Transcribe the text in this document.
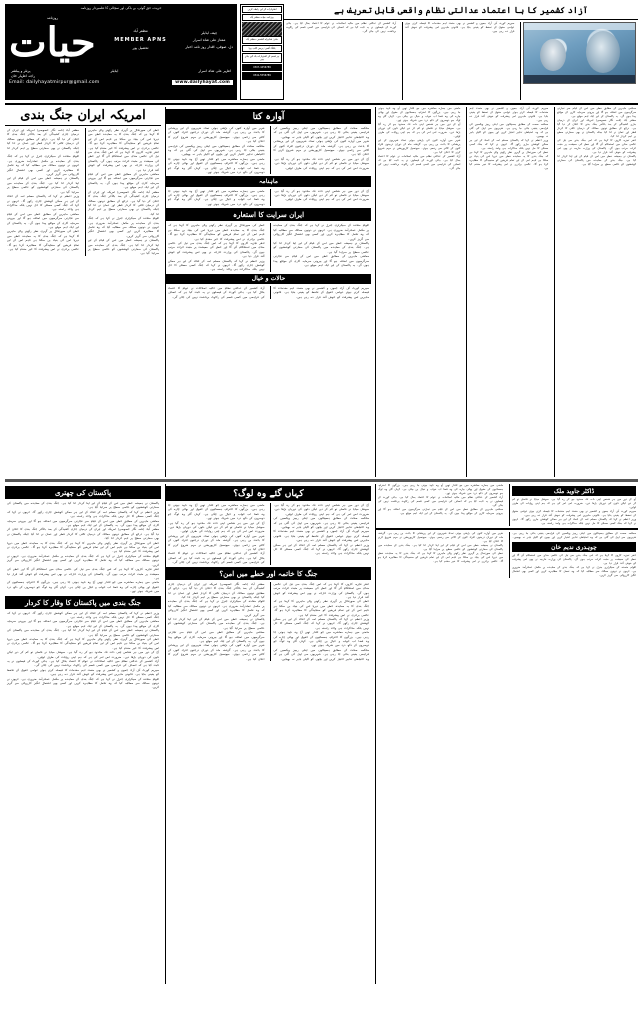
حریت، حق گوئی، بے باکی اور سچائی کا علمبردار روزنامہ
روزنامہ
حیات	مظفر آباد
MEMBER APNS
تحصیل پور
چیف ایڈیٹر
ممتاز علی شاہ اسرار
دل، صوفی، اقدار روز نامہ اخبار
پرنٹر و پبلشر	ایڈیٹر	اظہر علی شاہ اسرار
راجہ اظہار خان
Email: dailyhayatmirpur@gmail.com	www.dailyhayat.com
اشتہارات کے لیے رابطہ کریں
روزنامہ حیات مظفر آباد
دفتر: شاہراہ کشمیر، مظفر آباد
بکنگ آفس: پریس کلب روڈ
ہر قسم کے اشتہارات بک کیے جاتے ہیں
0307-4456789
0341-5556789
آزاد کشمیر کا با اعتماد عدالتی نظام واقعی قابل تعریف ہے
آزاد کشمیر کے عدالتی نظام میں حالیہ اصلاحات نے عوام کا اعتماد بحال کیا ہے۔ ہائی کورٹ کے فیصلوں نے یہ ثابت کیا ہے کہ انصاف کی فراہمی میں کسی قسم کی رکاوٹ برداشت نہیں کی جائے گی۔
سپریم کورٹ آف آزاد جموں و کشمیر نے بھی متعدد اہم مقدمات کا فیصلہ کرتے ہوئے عوامی حقوق کے تحفظ کو یقینی بنایا ہے۔ قانونی ماہرین اس پیشرفت کو خوش آئند قرار دے رہے ہیں۔
امریکہ ایران جنگ بندی
مظفر آباد (نامہ نگار خصوصی) امریکہ اور ایران کے درمیان جاری کشیدگی کے بعد بالآخر جنگ بندی کا اعلان کر دیا گیا ہے۔ ذرائع کے مطابق دونوں ممالک کے درمیان ثالثی کا کردار قطر اور عمان نے ادا کیا جبکہ پاکستان نے بھی سفارتی سطح پر اہم کردار ادا کیا۔
اقوام متحدہ کے سیکرٹری جنرل نے کہا ہے کہ جنگ بندی کے معاہدے پر مکمل عملدرآمد ضروری ہے۔ انہوں نے دونوں ممالک سے مطالبہ کیا کہ وہ تحمل کا مظاہرہ کریں اور کسی بھی اشتعال انگیز کارروائی سے گریز کریں۔
پاکستان نے ہمیشہ خطے میں امن کے قیام کے لیے اپنا کردار ادا کیا ہے۔ جنگ بندی کے معاہدے میں پاکستان کی سفارتی کوششوں کو عالمی سطح پر سراہا گیا ہے۔
وزیر اعظم نے کہا کہ پاکستان مسلم امہ کے اتحاد کے لیے ہر ممکن کوشش جاری رکھے گا۔ انہوں نے کہا کہ جنگ کسی مسئلے کا حل نہیں بلکہ مذاکرات ہی واحد راستہ ہے۔
معاشی ماہرین کے مطابق خطے میں امن کے قیام سے تجارتی سرگرمیوں میں اضافہ ہو گا اور بیرونی سرمایہ کاری کے مواقع پیدا ہوں گے۔ یہ پاکستان کے لیے ایک اہم موقع ہے۔
خطے کی صورتحال پر گہری نظر رکھنے والے ماہرین کا کہنا ہے کہ جنگ بندی کا یہ معاہدہ خطے میں دیرپا امن کی بنیاد بن سکتا ہے تاہم اس کے لیے تمام فریقین کو سنجیدگی کا مظاہرہ کرنا ہو گا۔ عالمی برادری نے اس پیشرفت کا خیر مقدم کیا ہے۔
خطے کی صورتحال پر گہری نظر رکھنے والے ماہرین کا کہنا ہے کہ جنگ بندی کا یہ معاہدہ خطے میں دیرپا امن کی بنیاد بن سکتا ہے تاہم اس کے لیے تمام فریقین کو سنجیدگی کا مظاہرہ کرنا ہو گا۔ عالمی برادری نے اس پیشرفت کا خیر مقدم کیا ہے۔
ادھر تجزیہ کاروں کا کہنا ہے کہ اس جنگ بندی سے تیل کی عالمی منڈی میں استحکام آئے گا اور خطے کی معیشت پر مثبت اثرات مرتب ہوں گے۔ پاکستان کی وزارت خارجہ نے بھی اس پیشرفت کو خوش آئند قرار دیا ہے۔
معاشی ماہرین کے مطابق خطے میں امن کے قیام سے تجارتی سرگرمیوں میں اضافہ ہو گا اور بیرونی سرمایہ کاری کے مواقع پیدا ہوں گے۔ یہ پاکستان کے لیے ایک اہم موقع ہے۔
مظفر آباد (نامہ نگار خصوصی) امریکہ اور ایران کے درمیان جاری کشیدگی کے بعد بالآخر جنگ بندی کا اعلان کر دیا گیا ہے۔ ذرائع کے مطابق دونوں ممالک کے درمیان ثالثی کا کردار قطر اور عمان نے ادا کیا جبکہ پاکستان نے بھی سفارتی سطح پر اہم کردار ادا کیا۔
اقوام متحدہ کے سیکرٹری جنرل نے کہا ہے کہ جنگ بندی کے معاہدے پر مکمل عملدرآمد ضروری ہے۔ انہوں نے دونوں ممالک سے مطالبہ کیا کہ وہ تحمل کا مظاہرہ کریں اور کسی بھی اشتعال انگیز کارروائی سے گریز کریں۔
پاکستان نے ہمیشہ خطے میں امن کے قیام کے لیے اپنا کردار ادا کیا ہے۔ جنگ بندی کے معاہدے میں پاکستان کی سفارتی کوششوں کو عالمی سطح پر سراہا گیا ہے۔
آوارہ کتا
شہر میں آوارہ کتوں کی بڑھتی ہوئی تعداد شہریوں کے لیے پریشانی کا باعث بن رہی ہے۔ گزشتہ ماہ کے دوران درجنوں افراد کتوں کے کاٹنے سے زخمی ہوئے۔ میونسپل کارپوریشن نے مہم شروع کرنے کا اعلان کیا ہے۔
محکمہ صحت کے مطابق ہسپتالوں میں اینٹی ریبیز ویکسین کی فراہمی یقینی بنائی جا رہی ہے۔ شہریوں سے اپیل کی گئی ہے کہ وہ احتیاطی تدابیر اختیار کریں اور بچوں کو اکیلے باہر نہ بھیجیں۔
ماضی میں ہمارے معاشرے میں جو اقدار تھیں آج وہ ناپید ہوتی جا رہی ہیں۔ بزرگوں کا احترام، ہمسائیوں کے حقوق اور بھائی چارے کی وہ فضا اب خواب و خیال بن چکی ہے۔ کہاں گئے وہ لوگ جو دوسروں کے دکھ درد میں شریک ہوتے تھے۔
محکمہ صحت کے مطابق ہسپتالوں میں اینٹی ریبیز ویکسین کی فراہمی یقینی بنائی جا رہی ہے۔ شہریوں سے اپیل کی گئی ہے کہ وہ احتیاطی تدابیر اختیار کریں اور بچوں کو اکیلے باہر نہ بھیجیں۔
شہر میں آوارہ کتوں کی بڑھتی ہوئی تعداد شہریوں کے لیے پریشانی کا باعث بن رہی ہے۔ گزشتہ ماہ کے دوران درجنوں افراد کتوں کے کاٹنے سے زخمی ہوئے۔ میونسپل کارپوریشن نے مہم شروع کرنے کا اعلان کیا ہے۔
آج کے دور میں ہر شخص اپنی ذات تک محدود ہو کر رہ گیا ہے۔ سوشل میڈیا نے فاصلے تو کم کر دیے لیکن دلوں کی دوریاں بڑھا دیں۔ ضرورت اس امر کی ہے کہ ہم اپنی روایات کی طرف لوٹیں۔
ماہنامہ
ماضی میں ہمارے معاشرے میں جو اقدار تھیں آج وہ ناپید ہوتی جا رہی ہیں۔ بزرگوں کا احترام، ہمسائیوں کے حقوق اور بھائی چارے کی وہ فضا اب خواب و خیال بن چکی ہے۔ کہاں گئے وہ لوگ جو دوسروں کے دکھ درد میں شریک ہوتے تھے۔
آج کے دور میں ہر شخص اپنی ذات تک محدود ہو کر رہ گیا ہے۔ سوشل میڈیا نے فاصلے تو کم کر دیے لیکن دلوں کی دوریاں بڑھا دیں۔ ضرورت اس امر کی ہے کہ ہم اپنی روایات کی طرف لوٹیں۔
ایران سرایت کا استعارہ
خطے کی صورتحال پر گہری نظر رکھنے والے ماہرین کا کہنا ہے کہ جنگ بندی کا یہ معاہدہ خطے میں دیرپا امن کی بنیاد بن سکتا ہے تاہم اس کے لیے تمام فریقین کو سنجیدگی کا مظاہرہ کرنا ہو گا۔ عالمی برادری نے اس پیشرفت کا خیر مقدم کیا ہے۔
ادھر تجزیہ کاروں کا کہنا ہے کہ اس جنگ بندی سے تیل کی عالمی منڈی میں استحکام آئے گا اور خطے کی معیشت پر مثبت اثرات مرتب ہوں گے۔ پاکستان کی وزارت خارجہ نے بھی اس پیشرفت کو خوش آئند قرار دیا ہے۔
وزیر اعظم نے کہا کہ پاکستان مسلم امہ کے اتحاد کے لیے ہر ممکن کوشش جاری رکھے گا۔ انہوں نے کہا کہ جنگ کسی مسئلے کا حل نہیں بلکہ مذاکرات ہی واحد راستہ ہے۔
اقوام متحدہ کے سیکرٹری جنرل نے کہا ہے کہ جنگ بندی کے معاہدے پر مکمل عملدرآمد ضروری ہے۔ انہوں نے دونوں ممالک سے مطالبہ کیا کہ وہ تحمل کا مظاہرہ کریں اور کسی بھی اشتعال انگیز کارروائی سے گریز کریں۔
پاکستان نے ہمیشہ خطے میں امن کے قیام کے لیے اپنا کردار ادا کیا ہے۔ جنگ بندی کے معاہدے میں پاکستان کی سفارتی کوششوں کو عالمی سطح پر سراہا گیا ہے۔
معاشی ماہرین کے مطابق خطے میں امن کے قیام سے تجارتی سرگرمیوں میں اضافہ ہو گا اور بیرونی سرمایہ کاری کے مواقع پیدا ہوں گے۔ یہ پاکستان کے لیے ایک اہم موقع ہے۔
حالات و خیال
آزاد کشمیر کے عدالتی نظام میں حالیہ اصلاحات نے عوام کا اعتماد بحال کیا ہے۔ ہائی کورٹ کے فیصلوں نے یہ ثابت کیا ہے کہ انصاف کی فراہمی میں کسی قسم کی رکاوٹ برداشت نہیں کی جائے گی۔
سپریم کورٹ آف آزاد جموں و کشمیر نے بھی متعدد اہم مقدمات کا فیصلہ کرتے ہوئے عوامی حقوق کے تحفظ کو یقینی بنایا ہے۔ قانونی ماہرین اس پیشرفت کو خوش آئند قرار دے رہے ہیں۔
ماضی میں ہمارے معاشرے میں جو اقدار تھیں آج وہ ناپید ہوتی جا رہی ہیں۔ بزرگوں کا احترام، ہمسائیوں کے حقوق اور بھائی چارے کی وہ فضا اب خواب و خیال بن چکی ہے۔ کہاں گئے وہ لوگ جو دوسروں کے دکھ درد میں شریک ہوتے تھے۔
آج کے دور میں ہر شخص اپنی ذات تک محدود ہو کر رہ گیا ہے۔ سوشل میڈیا نے فاصلے تو کم کر دیے لیکن دلوں کی دوریاں بڑھا دیں۔ ضرورت اس امر کی ہے کہ ہم اپنی روایات کی طرف لوٹیں۔
شہر میں آوارہ کتوں کی بڑھتی ہوئی تعداد شہریوں کے لیے پریشانی کا باعث بن رہی ہے۔ گزشتہ ماہ کے دوران درجنوں افراد کتوں کے کاٹنے سے زخمی ہوئے۔ میونسپل کارپوریشن نے مہم شروع کرنے کا اعلان کیا ہے۔
آزاد کشمیر کے عدالتی نظام میں حالیہ اصلاحات نے عوام کا اعتماد بحال کیا ہے۔ ہائی کورٹ کے فیصلوں نے یہ ثابت کیا ہے کہ انصاف کی فراہمی میں کسی قسم کی رکاوٹ برداشت نہیں کی جائے گی۔
سپریم کورٹ آف آزاد جموں و کشمیر نے بھی متعدد اہم مقدمات کا فیصلہ کرتے ہوئے عوامی حقوق کے تحفظ کو یقینی بنایا ہے۔ قانونی ماہرین اس پیشرفت کو خوش آئند قرار دے رہے ہیں۔
محکمہ صحت کے مطابق ہسپتالوں میں اینٹی ریبیز ویکسین کی فراہمی یقینی بنائی جا رہی ہے۔ شہریوں سے اپیل کی گئی ہے کہ وہ احتیاطی تدابیر اختیار کریں اور بچوں کو اکیلے باہر نہ بھیجیں۔
وزیر اعظم نے کہا کہ پاکستان مسلم امہ کے اتحاد کے لیے ہر ممکن کوشش جاری رکھے گا۔ انہوں نے کہا کہ جنگ کسی مسئلے کا حل نہیں بلکہ مذاکرات ہی واحد راستہ ہے۔
خطے کی صورتحال پر گہری نظر رکھنے والے ماہرین کا کہنا ہے کہ جنگ بندی کا یہ معاہدہ خطے میں دیرپا امن کی بنیاد بن سکتا ہے تاہم اس کے لیے تمام فریقین کو سنجیدگی کا مظاہرہ کرنا ہو گا۔ عالمی برادری نے اس پیشرفت کا خیر مقدم کیا ہے۔
معاشی ماہرین کے مطابق خطے میں امن کے قیام سے تجارتی سرگرمیوں میں اضافہ ہو گا اور بیرونی سرمایہ کاری کے مواقع پیدا ہوں گے۔ یہ پاکستان کے لیے ایک اہم موقع ہے۔
مظفر آباد (نامہ نگار خصوصی) امریکہ اور ایران کے درمیان جاری کشیدگی کے بعد بالآخر جنگ بندی کا اعلان کر دیا گیا ہے۔ ذرائع کے مطابق دونوں ممالک کے درمیان ثالثی کا کردار قطر اور عمان نے ادا کیا جبکہ پاکستان نے بھی سفارتی سطح پر اہم کردار ادا کیا۔
ادھر تجزیہ کاروں کا کہنا ہے کہ اس جنگ بندی سے تیل کی عالمی منڈی میں استحکام آئے گا اور خطے کی معیشت پر مثبت اثرات مرتب ہوں گے۔ پاکستان کی وزارت خارجہ نے بھی اس پیشرفت کو خوش آئند قرار دیا ہے۔
پاکستان نے ہمیشہ خطے میں امن کے قیام کے لیے اپنا کردار ادا کیا ہے۔ جنگ بندی کے معاہدے میں پاکستان کی سفارتی کوششوں کو عالمی سطح پر سراہا گیا ہے۔
پاکستان کی چھتری
پاکستان نے ہمیشہ خطے میں امن کے قیام کے لیے اپنا کردار ادا کیا ہے۔ جنگ بندی کے معاہدے میں پاکستان کی سفارتی کوششوں کو عالمی سطح پر سراہا گیا ہے۔
وزیر اعظم نے کہا کہ پاکستان مسلم امہ کے اتحاد کے لیے ہر ممکن کوشش جاری رکھے گا۔ انہوں نے کہا کہ جنگ کسی مسئلے کا حل نہیں بلکہ مذاکرات ہی واحد راستہ ہے۔
معاشی ماہرین کے مطابق خطے میں امن کے قیام سے تجارتی سرگرمیوں میں اضافہ ہو گا اور بیرونی سرمایہ کاری کے مواقع پیدا ہوں گے۔ یہ پاکستان کے لیے ایک اہم موقع ہے۔
مظفر آباد (نامہ نگار خصوصی) امریکہ اور ایران کے درمیان جاری کشیدگی کے بعد بالآخر جنگ بندی کا اعلان کر دیا گیا ہے۔ ذرائع کے مطابق دونوں ممالک کے درمیان ثالثی کا کردار قطر اور عمان نے ادا کیا جبکہ پاکستان نے بھی سفارتی سطح پر اہم کردار ادا کیا۔
خطے کی صورتحال پر گہری نظر رکھنے والے ماہرین کا کہنا ہے کہ جنگ بندی کا یہ معاہدہ خطے میں دیرپا امن کی بنیاد بن سکتا ہے تاہم اس کے لیے تمام فریقین کو سنجیدگی کا مظاہرہ کرنا ہو گا۔ عالمی برادری نے اس پیشرفت کا خیر مقدم کیا ہے۔
اقوام متحدہ کے سیکرٹری جنرل نے کہا ہے کہ جنگ بندی کے معاہدے پر مکمل عملدرآمد ضروری ہے۔ انہوں نے دونوں ممالک سے مطالبہ کیا کہ وہ تحمل کا مظاہرہ کریں اور کسی بھی اشتعال انگیز کارروائی سے گریز کریں۔
ادھر تجزیہ کاروں کا کہنا ہے کہ اس جنگ بندی سے تیل کی عالمی منڈی میں استحکام آئے گا اور خطے کی معیشت پر مثبت اثرات مرتب ہوں گے۔ پاکستان کی وزارت خارجہ نے بھی اس پیشرفت کو خوش آئند قرار دیا ہے۔
ماضی میں ہمارے معاشرے میں جو اقدار تھیں آج وہ ناپید ہوتی جا رہی ہیں۔ بزرگوں کا احترام، ہمسائیوں کے حقوق اور بھائی چارے کی وہ فضا اب خواب و خیال بن چکی ہے۔ کہاں گئے وہ لوگ جو دوسروں کے دکھ درد میں شریک ہوتے تھے۔
جنگ بندی میں پاکستان کا وقار کا کردار
وزیر اعظم نے کہا کہ پاکستان مسلم امہ کے اتحاد کے لیے ہر ممکن کوشش جاری رکھے گا۔ انہوں نے کہا کہ جنگ کسی مسئلے کا حل نہیں بلکہ مذاکرات ہی واحد راستہ ہے۔
معاشی ماہرین کے مطابق خطے میں امن کے قیام سے تجارتی سرگرمیوں میں اضافہ ہو گا اور بیرونی سرمایہ کاری کے مواقع پیدا ہوں گے۔ یہ پاکستان کے لیے ایک اہم موقع ہے۔
پاکستان نے ہمیشہ خطے میں امن کے قیام کے لیے اپنا کردار ادا کیا ہے۔ جنگ بندی کے معاہدے میں پاکستان کی سفارتی کوششوں کو عالمی سطح پر سراہا گیا ہے۔
خطے کی صورتحال پر گہری نظر رکھنے والے ماہرین کا کہنا ہے کہ جنگ بندی کا یہ معاہدہ خطے میں دیرپا امن کی بنیاد بن سکتا ہے تاہم اس کے لیے تمام فریقین کو سنجیدگی کا مظاہرہ کرنا ہو گا۔ عالمی برادری نے اس پیشرفت کا خیر مقدم کیا ہے۔
آج کے دور میں ہر شخص اپنی ذات تک محدود ہو کر رہ گیا ہے۔ سوشل میڈیا نے فاصلے تو کم کر دیے لیکن دلوں کی دوریاں بڑھا دیں۔ ضرورت اس امر کی ہے کہ ہم اپنی روایات کی طرف لوٹیں۔
آزاد کشمیر کے عدالتی نظام میں حالیہ اصلاحات نے عوام کا اعتماد بحال کیا ہے۔ ہائی کورٹ کے فیصلوں نے یہ ثابت کیا ہے کہ انصاف کی فراہمی میں کسی قسم کی رکاوٹ برداشت نہیں کی جائے گی۔
سپریم کورٹ آف آزاد جموں و کشمیر نے بھی متعدد اہم مقدمات کا فیصلہ کرتے ہوئے عوامی حقوق کے تحفظ کو یقینی بنایا ہے۔ قانونی ماہرین اس پیشرفت کو خوش آئند قرار دے رہے ہیں۔
اقوام متحدہ کے سیکرٹری جنرل نے کہا ہے کہ جنگ بندی کے معاہدے پر مکمل عملدرآمد ضروری ہے۔ انہوں نے دونوں ممالک سے مطالبہ کیا کہ وہ تحمل کا مظاہرہ کریں اور کسی بھی اشتعال انگیز کارروائی سے گریز کریں۔
کہاں گئے وہ لوگ؟
ماضی میں ہمارے معاشرے میں جو اقدار تھیں آج وہ ناپید ہوتی جا رہی ہیں۔ بزرگوں کا احترام، ہمسائیوں کے حقوق اور بھائی چارے کی وہ فضا اب خواب و خیال بن چکی ہے۔ کہاں گئے وہ لوگ جو دوسروں کے دکھ درد میں شریک ہوتے تھے۔
آج کے دور میں ہر شخص اپنی ذات تک محدود ہو کر رہ گیا ہے۔ سوشل میڈیا نے فاصلے تو کم کر دیے لیکن دلوں کی دوریاں بڑھا دیں۔ ضرورت اس امر کی ہے کہ ہم اپنی روایات کی طرف لوٹیں۔
شہر میں آوارہ کتوں کی بڑھتی ہوئی تعداد شہریوں کے لیے پریشانی کا باعث بن رہی ہے۔ گزشتہ ماہ کے دوران درجنوں افراد کتوں کے کاٹنے سے زخمی ہوئے۔ میونسپل کارپوریشن نے مہم شروع کرنے کا اعلان کیا ہے۔
آزاد کشمیر کے عدالتی نظام میں حالیہ اصلاحات نے عوام کا اعتماد بحال کیا ہے۔ ہائی کورٹ کے فیصلوں نے یہ ثابت کیا ہے کہ انصاف کی فراہمی میں کسی قسم کی رکاوٹ برداشت نہیں کی جائے گی۔
آج کے دور میں ہر شخص اپنی ذات تک محدود ہو کر رہ گیا ہے۔ سوشل میڈیا نے فاصلے تو کم کر دیے لیکن دلوں کی دوریاں بڑھا دیں۔ ضرورت اس امر کی ہے کہ ہم اپنی روایات کی طرف لوٹیں۔
محکمہ صحت کے مطابق ہسپتالوں میں اینٹی ریبیز ویکسین کی فراہمی یقینی بنائی جا رہی ہے۔ شہریوں سے اپیل کی گئی ہے کہ وہ احتیاطی تدابیر اختیار کریں اور بچوں کو اکیلے باہر نہ بھیجیں۔
سپریم کورٹ آف آزاد جموں و کشمیر نے بھی متعدد اہم مقدمات کا فیصلہ کرتے ہوئے عوامی حقوق کے تحفظ کو یقینی بنایا ہے۔ قانونی ماہرین اس پیشرفت کو خوش آئند قرار دے رہے ہیں۔
وزیر اعظم نے کہا کہ پاکستان مسلم امہ کے اتحاد کے لیے ہر ممکن کوشش جاری رکھے گا۔ انہوں نے کہا کہ جنگ کسی مسئلے کا حل نہیں بلکہ مذاکرات ہی واحد راستہ ہے۔
جنگ کا خاتمہ اور خطے میں امن؟
مظفر آباد (نامہ نگار خصوصی) امریکہ اور ایران کے درمیان جاری کشیدگی کے بعد بالآخر جنگ بندی کا اعلان کر دیا گیا ہے۔ ذرائع کے مطابق دونوں ممالک کے درمیان ثالثی کا کردار قطر اور عمان نے ادا کیا جبکہ پاکستان نے بھی سفارتی سطح پر اہم کردار ادا کیا۔
اقوام متحدہ کے سیکرٹری جنرل نے کہا ہے کہ جنگ بندی کے معاہدے پر مکمل عملدرآمد ضروری ہے۔ انہوں نے دونوں ممالک سے مطالبہ کیا کہ وہ تحمل کا مظاہرہ کریں اور کسی بھی اشتعال انگیز کارروائی سے گریز کریں۔
پاکستان نے ہمیشہ خطے میں امن کے قیام کے لیے اپنا کردار ادا کیا ہے۔ جنگ بندی کے معاہدے میں پاکستان کی سفارتی کوششوں کو عالمی سطح پر سراہا گیا ہے۔
معاشی ماہرین کے مطابق خطے میں امن کے قیام سے تجارتی سرگرمیوں میں اضافہ ہو گا اور بیرونی سرمایہ کاری کے مواقع پیدا ہوں گے۔ یہ پاکستان کے لیے ایک اہم موقع ہے۔
شہر میں آوارہ کتوں کی بڑھتی ہوئی تعداد شہریوں کے لیے پریشانی کا باعث بن رہی ہے۔ گزشتہ ماہ کے دوران درجنوں افراد کتوں کے کاٹنے سے زخمی ہوئے۔ میونسپل کارپوریشن نے مہم شروع کرنے کا اعلان کیا ہے۔
ادھر تجزیہ کاروں کا کہنا ہے کہ اس جنگ بندی سے تیل کی عالمی منڈی میں استحکام آئے گا اور خطے کی معیشت پر مثبت اثرات مرتب ہوں گے۔ پاکستان کی وزارت خارجہ نے بھی اس پیشرفت کو خوش آئند قرار دیا ہے۔
خطے کی صورتحال پر گہری نظر رکھنے والے ماہرین کا کہنا ہے کہ جنگ بندی کا یہ معاہدہ خطے میں دیرپا امن کی بنیاد بن سکتا ہے تاہم اس کے لیے تمام فریقین کو سنجیدگی کا مظاہرہ کرنا ہو گا۔ عالمی برادری نے اس پیشرفت کا خیر مقدم کیا ہے۔
وزیر اعظم نے کہا کہ پاکستان مسلم امہ کے اتحاد کے لیے ہر ممکن کوشش جاری رکھے گا۔ انہوں نے کہا کہ جنگ کسی مسئلے کا حل نہیں بلکہ مذاکرات ہی واحد راستہ ہے۔
ماضی میں ہمارے معاشرے میں جو اقدار تھیں آج وہ ناپید ہوتی جا رہی ہیں۔ بزرگوں کا احترام، ہمسائیوں کے حقوق اور بھائی چارے کی وہ فضا اب خواب و خیال بن چکی ہے۔ کہاں گئے وہ لوگ جو دوسروں کے دکھ درد میں شریک ہوتے تھے۔
محکمہ صحت کے مطابق ہسپتالوں میں اینٹی ریبیز ویکسین کی فراہمی یقینی بنائی جا رہی ہے۔ شہریوں سے اپیل کی گئی ہے کہ وہ احتیاطی تدابیر اختیار کریں اور بچوں کو اکیلے باہر نہ بھیجیں۔
ماضی میں ہمارے معاشرے میں جو اقدار تھیں آج وہ ناپید ہوتی جا رہی ہیں۔ بزرگوں کا احترام، ہمسائیوں کے حقوق اور بھائی چارے کی وہ فضا اب خواب و خیال بن چکی ہے۔ کہاں گئے وہ لوگ جو دوسروں کے دکھ درد میں شریک ہوتے تھے۔
آزاد کشمیر کے عدالتی نظام میں حالیہ اصلاحات نے عوام کا اعتماد بحال کیا ہے۔ ہائی کورٹ کے فیصلوں نے یہ ثابت کیا ہے کہ انصاف کی فراہمی میں کسی قسم کی رکاوٹ برداشت نہیں کی جائے گی۔
معاشی ماہرین کے مطابق خطے میں امن کے قیام سے تجارتی سرگرمیوں میں اضافہ ہو گا اور بیرونی سرمایہ کاری کے مواقع پیدا ہوں گے۔ یہ پاکستان کے لیے ایک اہم موقع ہے۔
ڈاکٹر جاوید ملک
آج کے دور میں ہر شخص اپنی ذات تک محدود ہو کر رہ گیا ہے۔ سوشل میڈیا نے فاصلے تو کم کر دیے لیکن دلوں کی دوریاں بڑھا دیں۔ ضرورت اس امر کی ہے کہ ہم اپنی روایات کی طرف لوٹیں۔
سپریم کورٹ آف آزاد جموں و کشمیر نے بھی متعدد اہم مقدمات کا فیصلہ کرتے ہوئے عوامی حقوق کے تحفظ کو یقینی بنایا ہے۔ قانونی ماہرین اس پیشرفت کو خوش آئند قرار دے رہے ہیں۔
وزیر اعظم نے کہا کہ پاکستان مسلم امہ کے اتحاد کے لیے ہر ممکن کوشش جاری رکھے گا۔ انہوں نے کہا کہ جنگ کسی مسئلے کا حل نہیں بلکہ مذاکرات ہی واحد راستہ ہے۔
شہر میں آوارہ کتوں کی بڑھتی ہوئی تعداد شہریوں کے لیے پریشانی کا باعث بن رہی ہے۔ گزشتہ ماہ کے دوران درجنوں افراد کتوں کے کاٹنے سے زخمی ہوئے۔ میونسپل کارپوریشن نے مہم شروع کرنے کا اعلان کیا ہے۔
پاکستان نے ہمیشہ خطے میں امن کے قیام کے لیے اپنا کردار ادا کیا ہے۔ جنگ بندی کے معاہدے میں پاکستان کی سفارتی کوششوں کو عالمی سطح پر سراہا گیا ہے۔
خطے کی صورتحال پر گہری نظر رکھنے والے ماہرین کا کہنا ہے کہ جنگ بندی کا یہ معاہدہ خطے میں دیرپا امن کی بنیاد بن سکتا ہے تاہم اس کے لیے تمام فریقین کو سنجیدگی کا مظاہرہ کرنا ہو گا۔ عالمی برادری نے اس پیشرفت کا خیر مقدم کیا ہے۔
محکمہ صحت کے مطابق ہسپتالوں میں اینٹی ریبیز ویکسین کی فراہمی یقینی بنائی جا رہی ہے۔ شہریوں سے اپیل کی گئی ہے کہ وہ احتیاطی تدابیر اختیار کریں اور بچوں کو اکیلے باہر نہ بھیجیں۔
چوہدری ندیم خان
ادھر تجزیہ کاروں کا کہنا ہے کہ اس جنگ بندی سے تیل کی عالمی منڈی میں استحکام آئے گا اور خطے کی معیشت پر مثبت اثرات مرتب ہوں گے۔ پاکستان کی وزارت خارجہ نے بھی اس پیشرفت کو خوش آئند قرار دیا ہے۔
اقوام متحدہ کے سیکرٹری جنرل نے کہا ہے کہ جنگ بندی کے معاہدے پر مکمل عملدرآمد ضروری ہے۔ انہوں نے دونوں ممالک سے مطالبہ کیا کہ وہ تحمل کا مظاہرہ کریں اور کسی بھی اشتعال انگیز کارروائی سے گریز کریں۔
